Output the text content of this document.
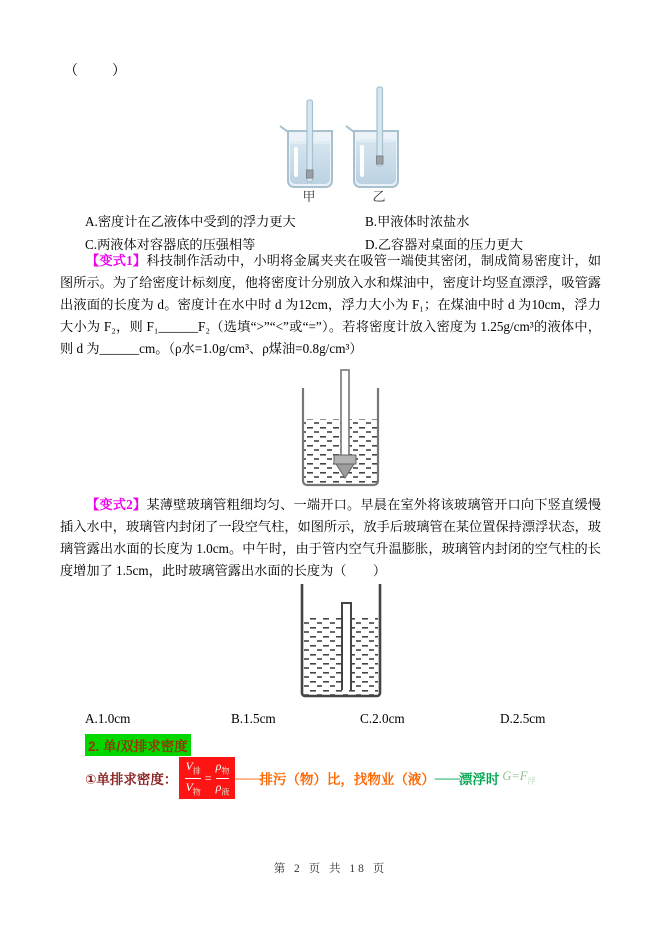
（　　）
甲	乙
A.密度计在乙液体中受到的浮力更大	B.甲液体时浓盐水
C.两液体对容器底的压强相等	D.乙容器对桌面的压力更大

【变式1】科技制作活动中，小明将金属夹夹在吸管一端使其密闭，制成简易密度计，如图所示。为了给密度计标刻度，他将密度计分别放入水和煤油中，密度计均竖直漂浮，吸管露出液面的长度为 d。密度计在水中时 d 为12cm，浮力大小为 F₁；在煤油中时 d 为10cm，浮力大小为 F₂，则 F₁______F₂（选填“>”“<”或“=”）。若将密度计放入密度为 1.25g/cm³的液体中，则 d 为______cm。（ρ水=1.0g/cm³、ρ煤油=0.8g/cm³）

【变式2】某薄壁玻璃管粗细均匀、一端开口。早晨在室外将该玻璃管开口向下竖直缓慢插入水中，玻璃管内封闭了一段空气柱，如图所示，放手后玻璃管在某位置保持漂浮状态，玻璃管露出水面的长度为 1.0cm。中午时，由于管内空气升温膨胀，玻璃管内封闭的空气柱的长度增加了 1.5cm，此时玻璃管露出水面的长度为（　　）

A.1.0cm	B.1.5cm	C.2.0cm	D.2.5cm
2. 单/双排求密度
①单排求密度： $\frac{V_排}{V_物} = \frac{\rho_物}{\rho_液}$ —— 排污（物）比，找物业（液） —— 漂浮时 $G=F_浮$
第 2 页 共 18 页
